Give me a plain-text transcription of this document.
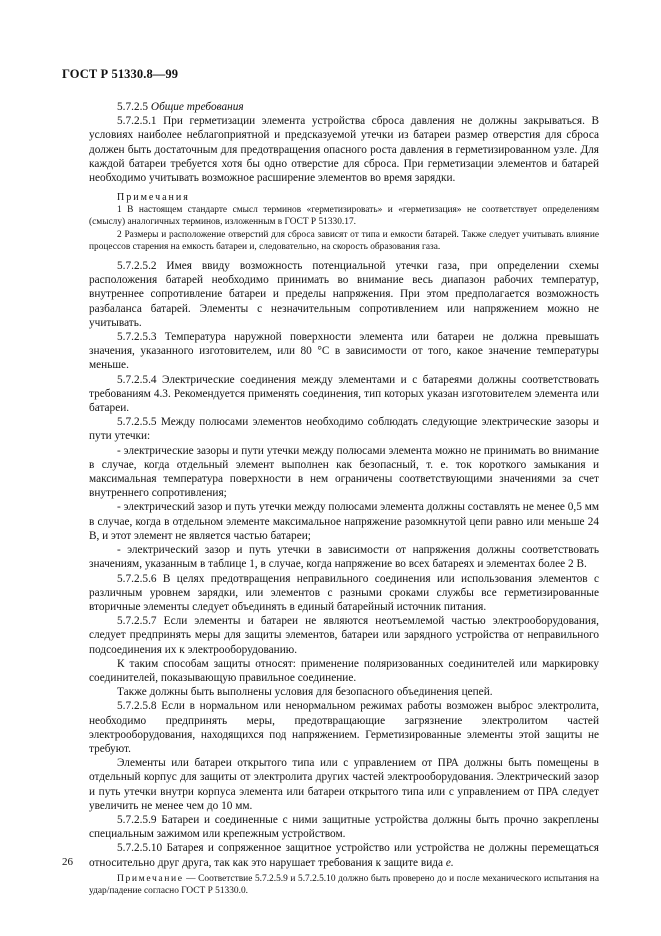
ГОСТ Р 51330.8—99

5.7.2.5 Общие требования

5.7.2.5.1 При герметизации элемента устройства сброса давления не должны закрываться. В условиях наиболее неблагоприятной и предсказуемой утечки из батареи размер отверстия для сброса должен быть достаточным для предотвращения опасного роста давления в герметизированном узле. Для каждой батареи требуется хотя бы одно отверстие для сброса. При герметизации элементов и батарей необходимо учитывать возможное расширение элементов во время зарядки.

Примечания

1 В настоящем стандарте смысл терминов «герметизировать» и «герметизация» не соответствует определениям (смыслу) аналогичных терминов, изложенным в ГОСТ Р 51330.17.

2 Размеры и расположение отверстий для сброса зависят от типа и емкости батарей. Также следует учитывать влияние процессов старения на емкость батареи и, следовательно, на скорость образования газа.

5.7.2.5.2 Имея ввиду возможность потенциальной утечки газа, при определении схемы расположения батарей необходимо принимать во внимание весь диапазон рабочих температур, внутреннее сопротивление батареи и пределы напряжения. При этом предполагается возможность разбаланса батарей. Элементы с незначительным сопротивлением или напряжением можно не учитывать.

5.7.2.5.3 Температура наружной поверхности элемента или батареи не должна превышать значения, указанного изготовителем, или 80 °С в зависимости от того, какое значение температуры меньше.

5.7.2.5.4 Электрические соединения между элементами и с батареями должны соответствовать требованиям 4.3. Рекомендуется применять соединения, тип которых указан изготовителем элемента или батареи.

5.7.2.5.5 Между полюсами элементов необходимо соблюдать следующие электрические зазоры и пути утечки:

- электрические зазоры и пути утечки между полюсами элемента можно не принимать во внимание в случае, когда отдельный элемент выполнен как безопасный, т. е. ток короткого замыкания и максимальная температура поверхности в нем ограничены соответствующими значениями за счет внутреннего сопротивления;

- электрический зазор и путь утечки между полюсами элемента должны составлять не менее 0,5 мм в случае, когда в отдельном элементе максимальное напряжение разомкнутой цепи равно или меньше 24 В, и этот элемент не является частью батареи;

- электрический зазор и путь утечки в зависимости от напряжения должны соответствовать значениям, указанным в таблице 1, в случае, когда напряжение во всех батареях и элементах более 2 В.

5.7.2.5.6 В целях предотвращения неправильного соединения или использования элементов с различным уровнем зарядки, или элементов с разными сроками службы все герметизированные вторичные элементы следует объединять в единый батарейный источник питания.

5.7.2.5.7 Если элементы и батареи не являются неотъемлемой частью электрооборудования, следует предпринять меры для защиты элементов, батареи или зарядного устройства от неправильного подсоединения их к электрооборудованию.

К таким способам защиты относят: применение поляризованных соединителей или маркировку соединителей, показывающую правильное соединение.

Также должны быть выполнены условия для безопасного объединения цепей.

5.7.2.5.8 Если в нормальном или ненормальном режимах работы возможен выброс электролита, необходимо предпринять меры, предотвращающие загрязнение электролитом частей электрооборудования, находящихся под напряжением. Герметизированные элементы этой защиты не требуют.

Элементы или батареи открытого типа или с управлением от ПРА должны быть помещены в отдельный корпус для защиты от электролита других частей электрооборудования. Электрический зазор и путь утечки внутри корпуса элемента или батареи открытого типа или с управлением от ПРА следует увеличить не менее чем до 10 мм.

5.7.2.5.9 Батареи и соединенные с ними защитные устройства должны быть прочно закреплены специальным зажимом или крепежным устройством.

5.7.2.5.10 Батарея и сопряженное защитное устройство или устройства не должны перемещаться относительно друг друга, так как это нарушает требования к защите вида е.

Примечание — Соответствие 5.7.2.5.9 и 5.7.2.5.10 должно быть проверено до и после механического испытания на удар/падение согласно ГОСТ Р 51330.0.

26
